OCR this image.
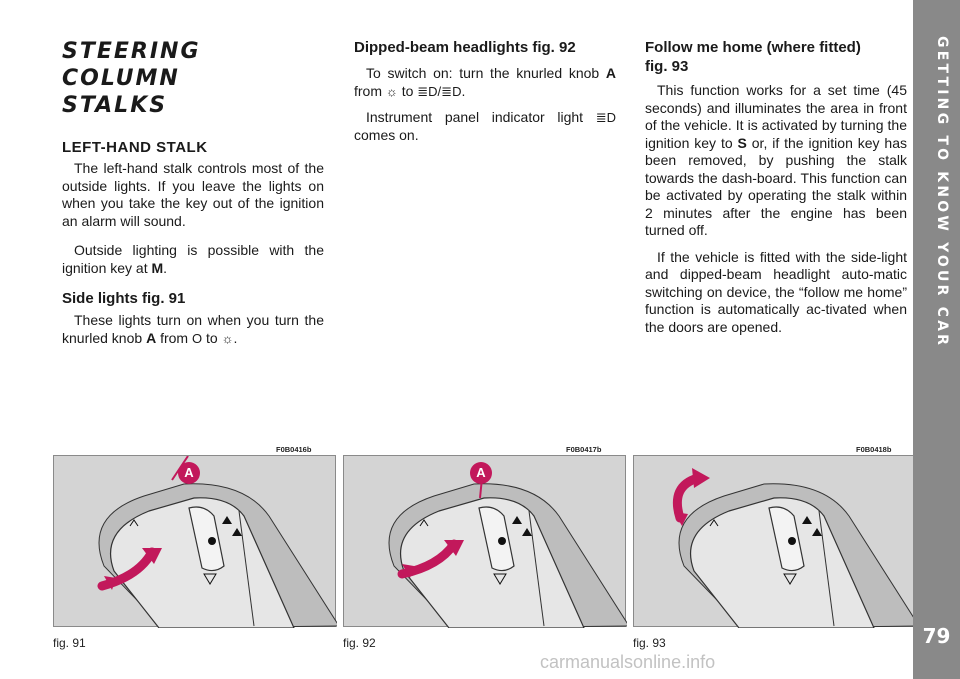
STEERING COLUMN
STALKS
LEFT-HAND STALK

The left-hand stalk controls most of the outside lights. If you leave the lights on when you take the key out of the ignition an alarm will sound.

Outside lighting is possible with the ignition key at M.

Side lights fig. 91

These lights turn on when you turn the knurled knob A from O to ☼.

Dipped-beam headlights fig. 92

To switch on: turn the knurled knob A from ☼ to ≣D/≣D.

Instrument panel indicator light ≣D comes on.

Follow me home (where fitted)
fig. 93

This function works for a set time (45 seconds) and illuminates the area in front of the vehicle. It is activated by turning the ignition key to S or, if the ignition key has been removed, by pushing the stalk towards the dash-board. This function can be activated by operating the stalk within 2 minutes after the engine has been turned off.

If the vehicle is fitted with the side-light and dipped-beam headlight auto-matic switching on device, the “follow me home” function is automatically ac-tivated when the doors are opened.

F0B0416b	F0B0417b	F0B0418b
A	A
fig. 91	fig. 92	fig. 93
GETTING TO KNOW YOUR CAR
79
carmanualsonline.info
